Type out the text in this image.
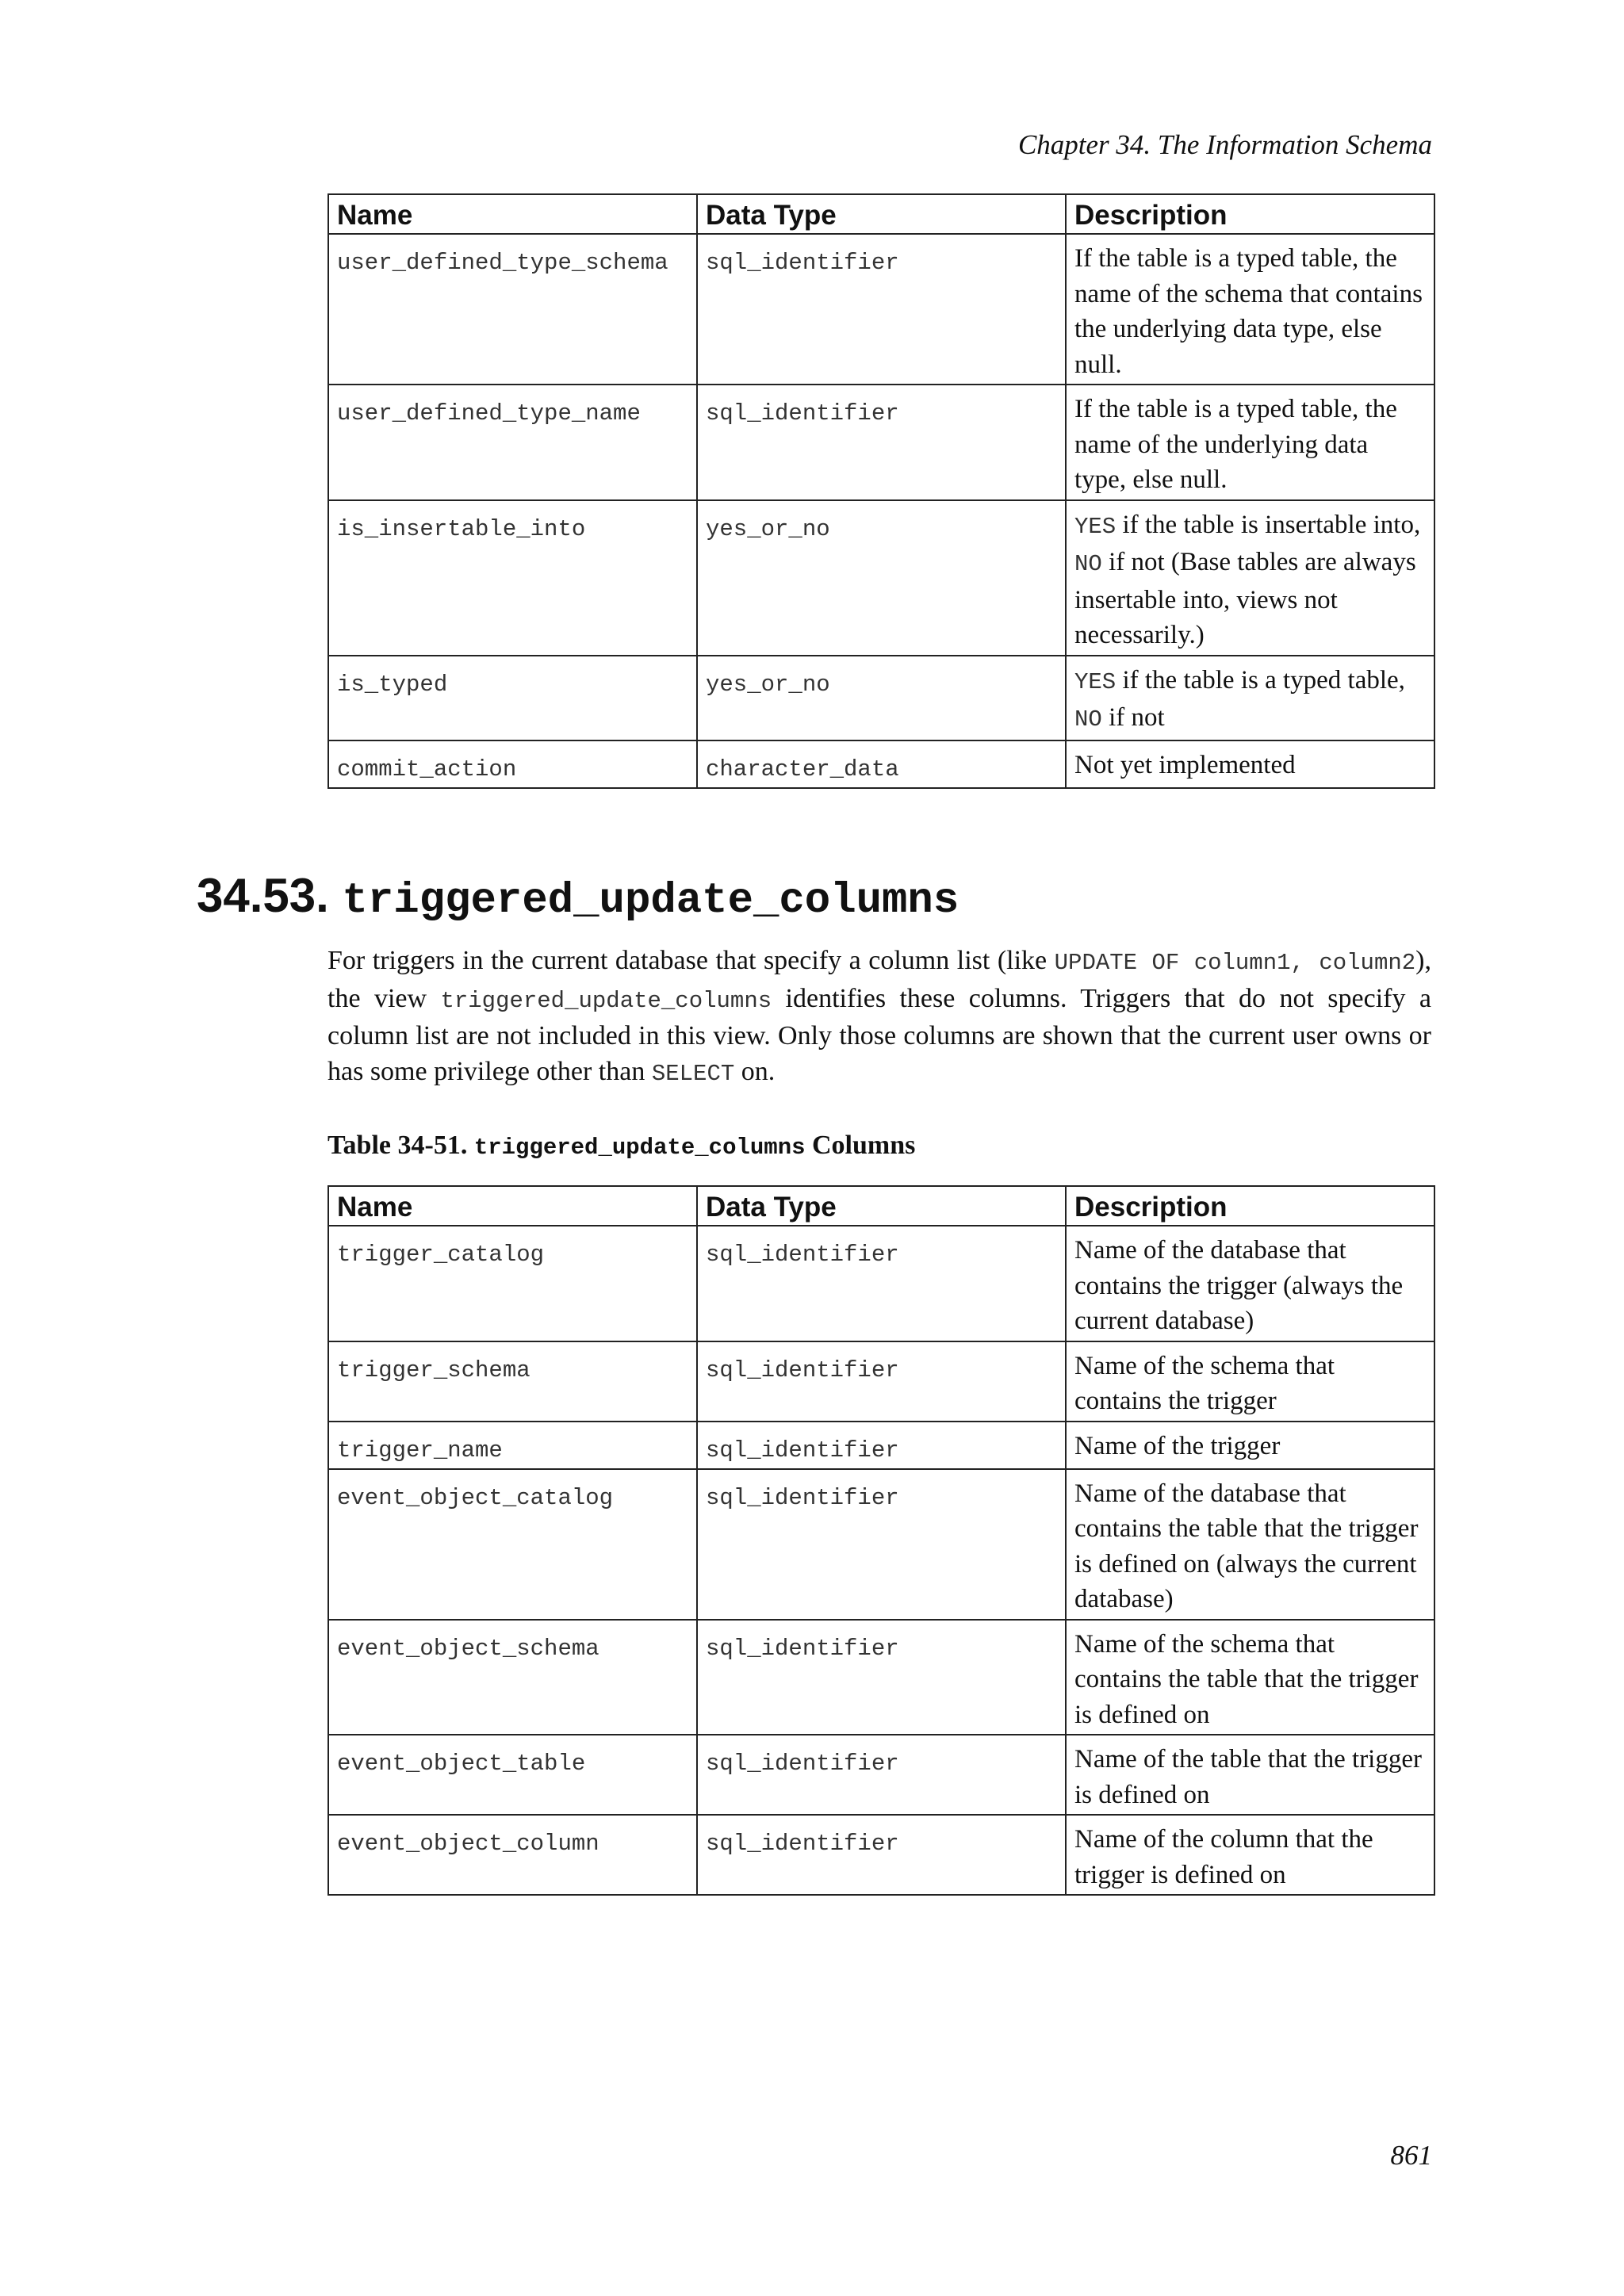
Chapter 34. The Information Schema
Name	Data Type	Description
user_defined_type_schema	sql_identifier	If the table is a typed table, the name of the schema that contains the underlying data type, else null.
user_defined_type_name	sql_identifier	If the table is a typed table, the name of the underlying data type, else null.
is_insertable_into	yes_or_no	YES if the table is insertable into, NO if not (Base tables are always insertable into, views not necessarily.)
is_typed	yes_or_no	YES if the table is a typed table, NO if not
commit_action	character_data	Not yet implemented
34.53. triggered_update_columns

For triggers in the current database that specify a column list (like UPDATE OF column1, column2), the view triggered_update_columns identifies these columns. Triggers that do not specify a column list are not included in this view. Only those columns are shown that the current user owns or has some privilege other than SELECT on.

Table 34-51. triggered_update_columns Columns

Name	Data Type	Description
trigger_catalog	sql_identifier	Name of the database that contains the trigger (always the current database)
trigger_schema	sql_identifier	Name of the schema that contains the trigger
trigger_name	sql_identifier	Name of the trigger
event_object_catalog	sql_identifier	Name of the database that contains the table that the trigger is defined on (always the current database)
event_object_schema	sql_identifier	Name of the schema that contains the table that the trigger is defined on
event_object_table	sql_identifier	Name of the table that the trigger is defined on
event_object_column	sql_identifier	Name of the column that the trigger is defined on
861
